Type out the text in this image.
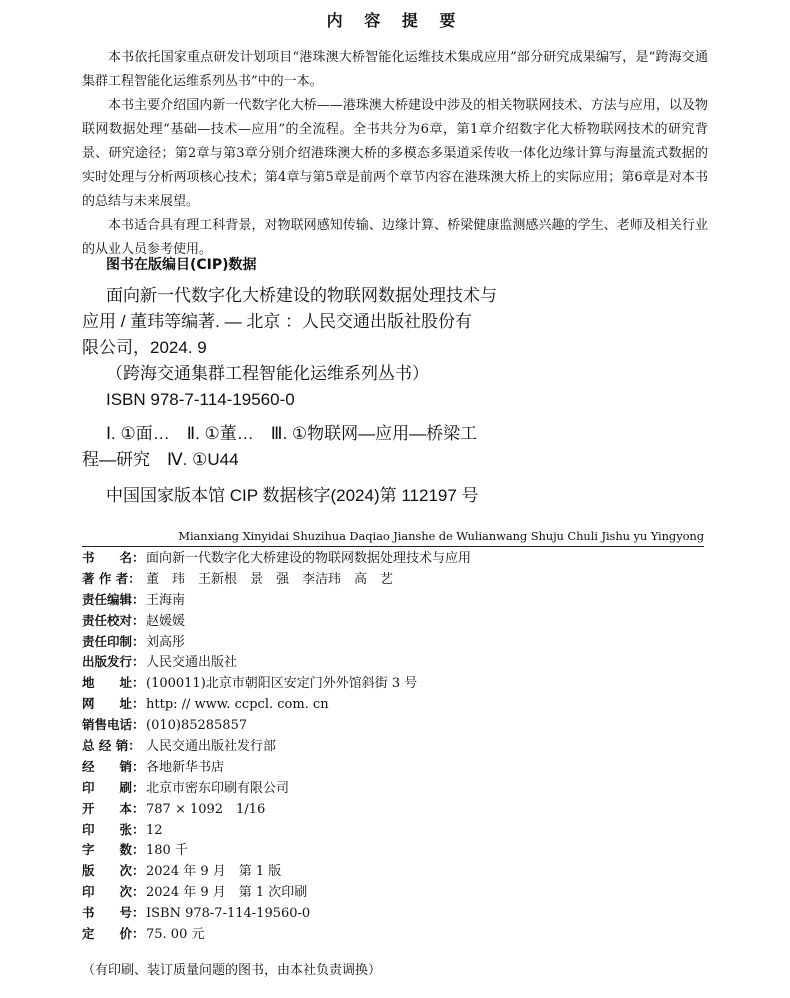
内 容 提 要

本书依托国家重点研发计划项目“港珠澳大桥智能化运维技术集成应用”部分研究成果编写，是“跨海交通集群工程智能化运维系列丛书”中的一本。

本书主要介绍国内新一代数字化大桥——港珠澳大桥建设中涉及的相关物联网技术、方法与应用，以及物联网数据处理“基础—技术—应用”的全流程。全书共分为6章，第1章介绍数字化大桥物联网技术的研究背景、研究途径；第2章与第3章分别介绍港珠澳大桥的多模态多渠道采传收一体化边缘计算与海量流式数据的实时处理与分析两项核心技术；第4章与第5章是前两个章节内容在港珠澳大桥上的实际应用；第6章是对本书的总结与未来展望。

本书适合具有理工科背景，对物联网感知传输、边缘计算、桥梁健康监测感兴趣的学生、老师及相关行业的从业人员参考使用。

图书在版编目(CIP)数据

面向新一代数字化大桥建设的物联网数据处理技术与

应用 / 董玮等编著. — 北京 ：人民交通出版社股份有

限公司，2024. 9

（跨海交通集群工程智能化运维系列丛书）

ISBN 978-7-114-19560-0

Ⅰ. ①面…　Ⅱ. ①董…　Ⅲ. ①物联网—应用—桥梁工

程—研究　Ⅳ. ①U44

中国国家版本馆 CIP 数据核字(2024)第 112197 号

Mianxiang Xinyidai Shuzihua Daqiao Jianshe de Wulianwang Shuju Chuli Jishu yu Yingyong
书　　名：面向新一代数字化大桥建设的物联网数据处理技术与应用
著 作 者： 董　玮　王新根　景　强　李洁玮　高　艺
责任编辑：王海南
责任校对：赵媛媛
责任印制：刘高彤
出版发行：人民交通出版社
地　　址：(100011)北京市朝阳区安定门外外馆斜街 3 号
网　　址：http: // www. ccpcl. com. cn
销售电话：(010)85285857
总 经 销： 人民交通出版社发行部
经　　销：各地新华书店
印　　刷：北京市密东印刷有限公司
开　　本：787 × 1092　1/16
印　　张：12
字　　数：180 千
版　　次：2024 年 9 月　第 1 版
印　　次：2024 年 9 月　第 1 次印刷
书　　号：ISBN 978-7-114-19560-0
定　　价：75. 00 元
（有印刷、装订质量问题的图书，由本社负责调换）
